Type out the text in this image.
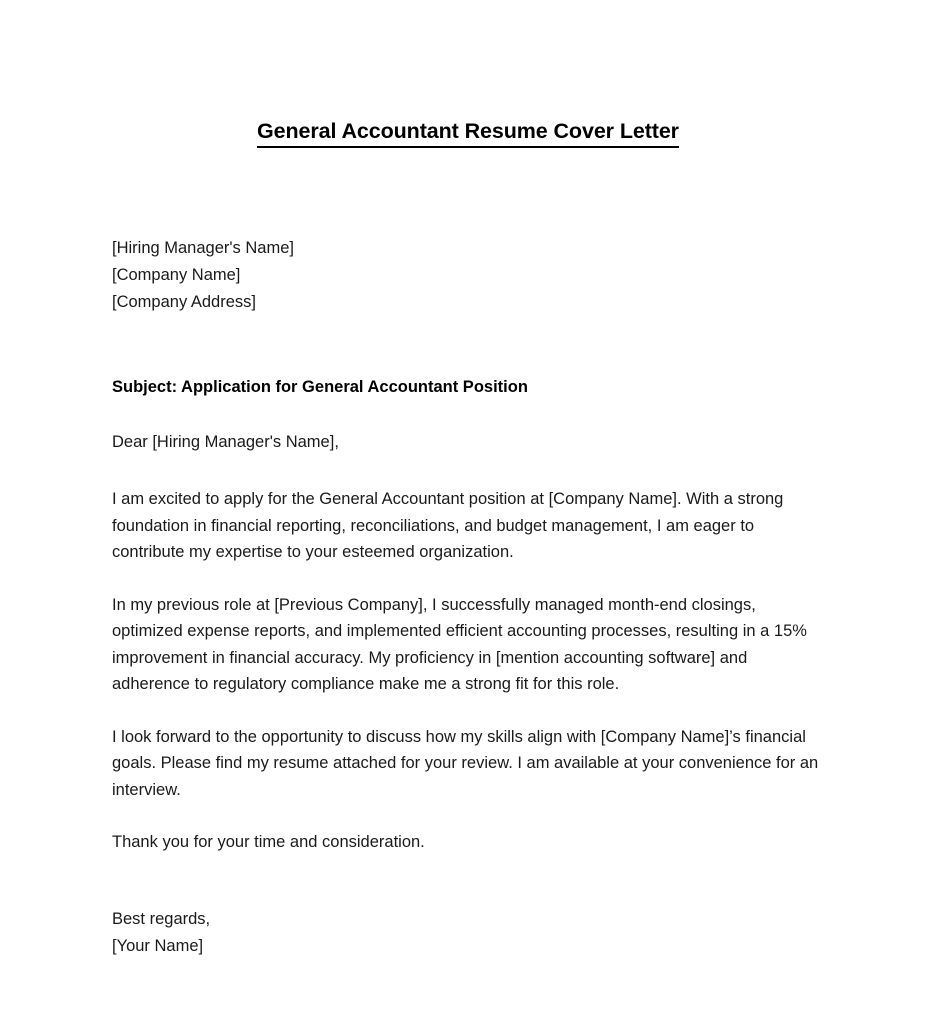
General Accountant Resume Cover Letter
[Hiring Manager's Name]
[Company Name]
[Company Address]
Subject: Application for General Accountant Position
Dear [Hiring Manager's Name],

I am excited to apply for the General Accountant position at [Company Name]. With a strong foundation in financial reporting, reconciliations, and budget management, I am eager to contribute my expertise to your esteemed organization.

In my previous role at [Previous Company], I successfully managed month-end closings, optimized expense reports, and implemented efficient accounting processes, resulting in a 15% improvement in financial accuracy. My proficiency in [mention accounting software] and adherence to regulatory compliance make me a strong fit for this role.

I look forward to the opportunity to discuss how my skills align with [Company Name]’s financial goals. Please find my resume attached for your review. I am available at your convenience for an interview.

Thank you for your time and consideration.

Best regards,
[Your Name]
